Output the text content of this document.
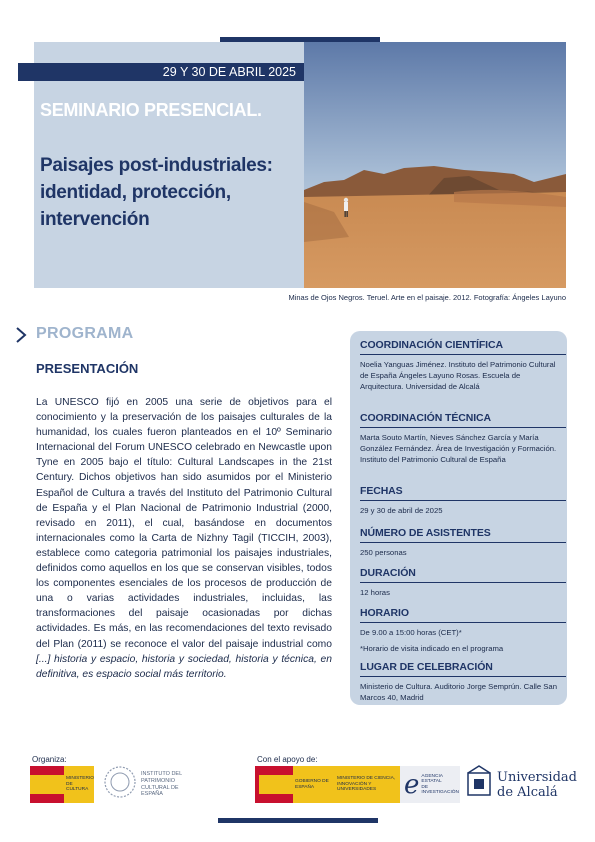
29 Y 30 DE ABRIL 2025
SEMINARIO PRESENCIAL.
Paisajes post-industriales:
identidad, protección,
intervención
Minas de Ojos Negros. Teruel. Arte en el paisaje. 2012. Fotografía: Ángeles Layuno
PROGRAMA
PRESENTACIÓN
La UNESCO fijó en 2005 una serie de objetivos para el conocimiento y la preservación de los paisajes culturales de la humanidad, los cuales fueron planteados en el 10º Seminario Internacional del Forum UNESCO celebrado en Newcastle upon Tyne en 2005 bajo el título: Cultural Landscapes in the 21st Century. Dichos objetivos han sido asumidos por el Ministerio Español de Cultura a través del Instituto del Patrimonio Cultural de España y el Plan Nacional de Patrimonio Industrial (2000, revisado en 2011), el cual, basándose en documentos internacionales como la Carta de Nizhny Tagil (TICCIH, 2003), establece como categoria patrimonial los paisajes industriales, definidos como aquellos en los que se conservan visibles, todos los componentes esenciales de los procesos de producción de una o varias actividades industriales, incluidas, las transformaciones del paisaje ocasionadas por dichas actividades. Es más, en las recomendaciones del texto revisado del Plan (2011) se reconoce el valor del paisaje industrial como [...] historia y espacio, historia y sociedad, historia y técnica, en definitiva, es espacio social más territorio.
COORDINACIÓN CIENTÍFICA
Noelia Yanguas Jiménez. Instituto del Patrimonio Cultural de España Ángeles Layuno Rosas. Escuela de Arquitectura. Universidad de Alcalá
COORDINACIÓN TÉCNICA
Marta Souto Martín, Nieves Sánchez García y María González Fernández. Área de Investigación y Formación. Instituto del Patrimonio Cultural de España
FECHAS
29 y 30 de abril de 2025
NÚMERO DE ASISTENTES
250 personas
DURACIÓN
12 horas
HORARIO
De 9.00 a 15:00 horas (CET)*
*Horario de visita indicado en el programa
LUGAR DE CELEBRACIÓN
Ministerio de Cultura. Auditorio Jorge Semprún. Calle San Marcos 40, Madrid
Organiza:	Con el apoyo de:
MINISTERIO DE CULTURA
INSTITUTO DEL PATRIMONIO CULTURAL DE ESPAÑA
GOBIERNO DE ESPAÑA
MINISTERIO DE CIENCIA, INNOVACIÓN Y UNIVERSIDADES	e AGENCIA ESTATAL DE INVESTIGACIÓN
Universidad
de Alcalá
